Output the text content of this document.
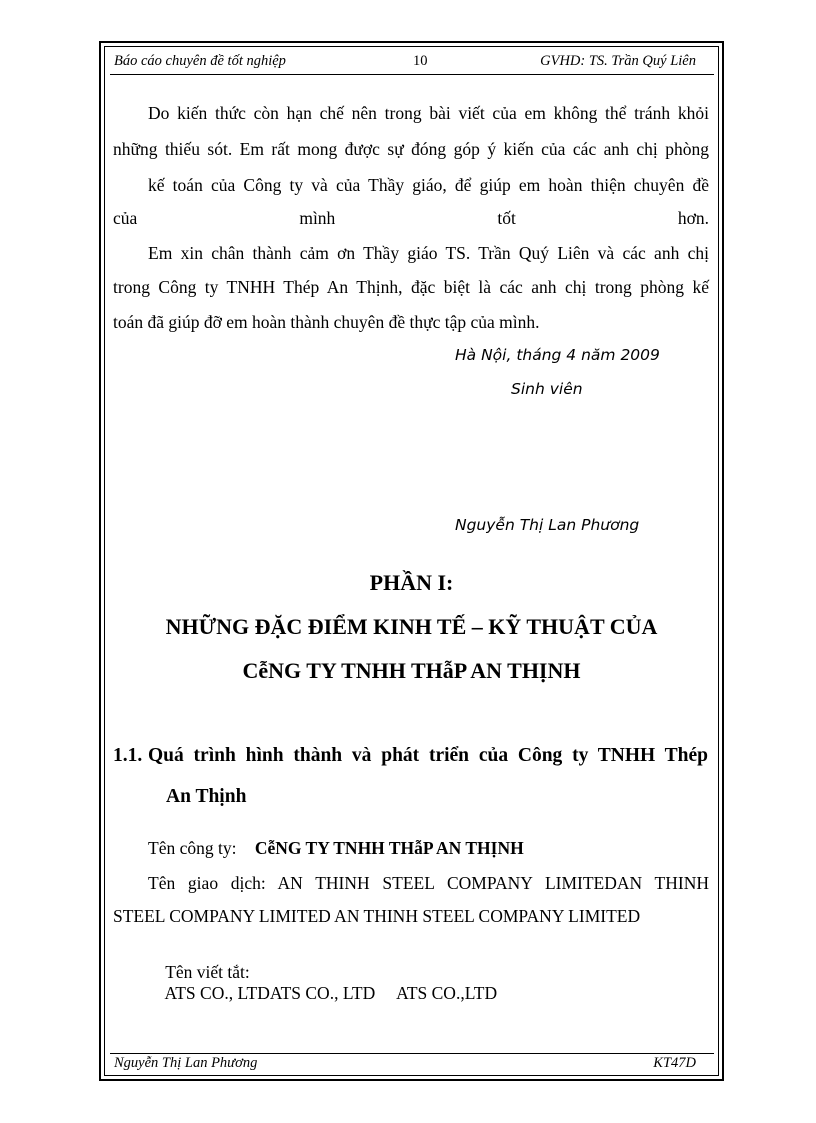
Báo cáo chuyên đề tốt nghiệp	10	GVHD: TS. Trần Quý Liên
Do kiến thức còn hạn chế nên trong bài viết của em không thể tránh khỏi
những thiếu sót. Em rất mong được sự đóng góp ý kiến của các anh chị phòng
kế toán của Công ty và của Thầy giáo, để giúp em hoàn thiện chuyên đề
của	mình	tốt	hơn.
Em xin chân thành cảm ơn Thầy giáo TS. Trần Quý Liên và các anh chị
trong Công ty TNHH Thép An Thịnh, đặc biệt là các anh chị trong phòng kế
toán đã giúp đỡ em hoàn thành chuyên đề thực tập của mình.
Hà Nội, tháng 4 năm 2009
Sinh viên
Nguyễn Thị Lan Phương
PHẦN I:
NHỮNG ĐẶC ĐIỂM KINH TẾ – KỸ THUẬT CỦA
CễNG TY TNHH THẫP AN THỊNH
1.1. Quá trình hình thành và phát triển của Công ty TNHH Thép
An Thịnh
Tên công ty: CễNG TY TNHH THẫP AN THỊNH
Tên giao dịch: AN THINH STEEL COMPANY LIMITEDAN THINH
STEEL COMPANY LIMITED AN THINH STEEL COMPANY LIMITED

Tên viết tắt:
ATS CO., LTDATS CO., LTD     ATS CO.,LTD

Nguyễn Thị Lan Phương	KT47D
